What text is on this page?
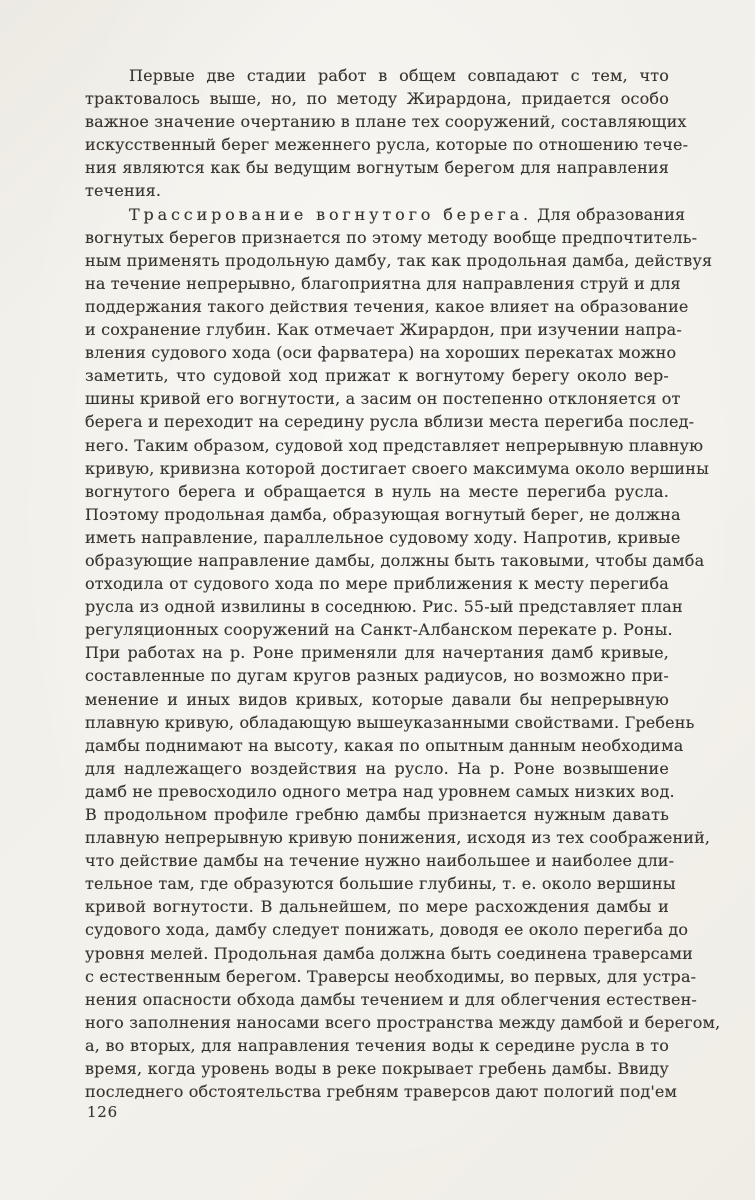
Первые две стадии работ в общем совпадают с тем, что
трактовалось выше, но, по методу Жирардона, придается особо
важное значение очертанию в плане тех сооружений, составляющих
искусственный берег меженнего русла, которые по отношению тече-
ния являются как бы ведущим вогнутым берегом для направления
течения.
Трассирование вогнутого берега. Для образования
вогнутых берегов признается по этому методу вообще предпочтитель-
ным применять продольную дамбу, так как продольная дамба, действуя
на течение непрерывно, благоприятна для направления струй и для
поддержания такого действия течения, какое влияет на образование
и сохранение глубин. Как отмечает Жирардон, при изучении напра-
вления судового хода (оси фарватера) на хороших перекатах можно
заметить, что судовой ход прижат к вогнутому берегу около вер-
шины кривой его вогнутости, а засим он постепенно отклоняется от
берега и переходит на середину русла вблизи места перегиба послед-
него. Таким образом, судовой ход представляет непрерывную плавную
кривую, кривизна которой достигает своего максимума около вершины
вогнутого берега и обращается в нуль на месте перегиба русла.
Поэтому продольная дамба, образующая вогнутый берег, не должна
иметь направление, параллельное судовому ходу. Напротив, кривые
образующие направление дамбы, должны быть таковыми, чтобы дамба
отходила от судового хода по мере приближения к месту перегиба
русла из одной извилины в соседнюю. Рис. 55-ый представляет план
регуляционных сооружений на Санкт-Албанском перекате р. Роны.
При работах на р. Роне применяли для начертания дамб кривые,
составленные по дугам кругов разных радиусов, но возможно при-
менение и иных видов кривых, которые давали бы непрерывную
плавную кривую, обладающую вышеуказанными свойствами. Гребень
дамбы поднимают на высоту, какая по опытным данным необходима
для надлежащего воздействия на русло. На р. Роне возвышение
дамб не превосходило одного метра над уровнем самых низких вод.
В продольном профиле гребню дамбы признается нужным давать
плавную непрерывную кривую понижения, исходя из тех соображений,
что действие дамбы на течение нужно наибольшее и наиболее дли-
тельное там, где образуются большие глубины, т. е. около вершины
кривой вогнутости. В дальнейшем, по мере расхождения дамбы и
судового хода, дамбу следует понижать, доводя ее около перегиба до
уровня мелей. Продольная дамба должна быть соединена траверсами
с естественным берегом. Траверсы необходимы, во первых, для устра-
нения опасности обхода дамбы течением и для облегчения естествен-
ного заполнения наносами всего пространства между дамбой и берегом,
а, во вторых, для направления течения воды к середине русла в то
время, когда уровень воды в реке покрывает гребень дамбы. Ввиду
последнего обстоятельства гребням траверсов дают пологий под'ем
126
